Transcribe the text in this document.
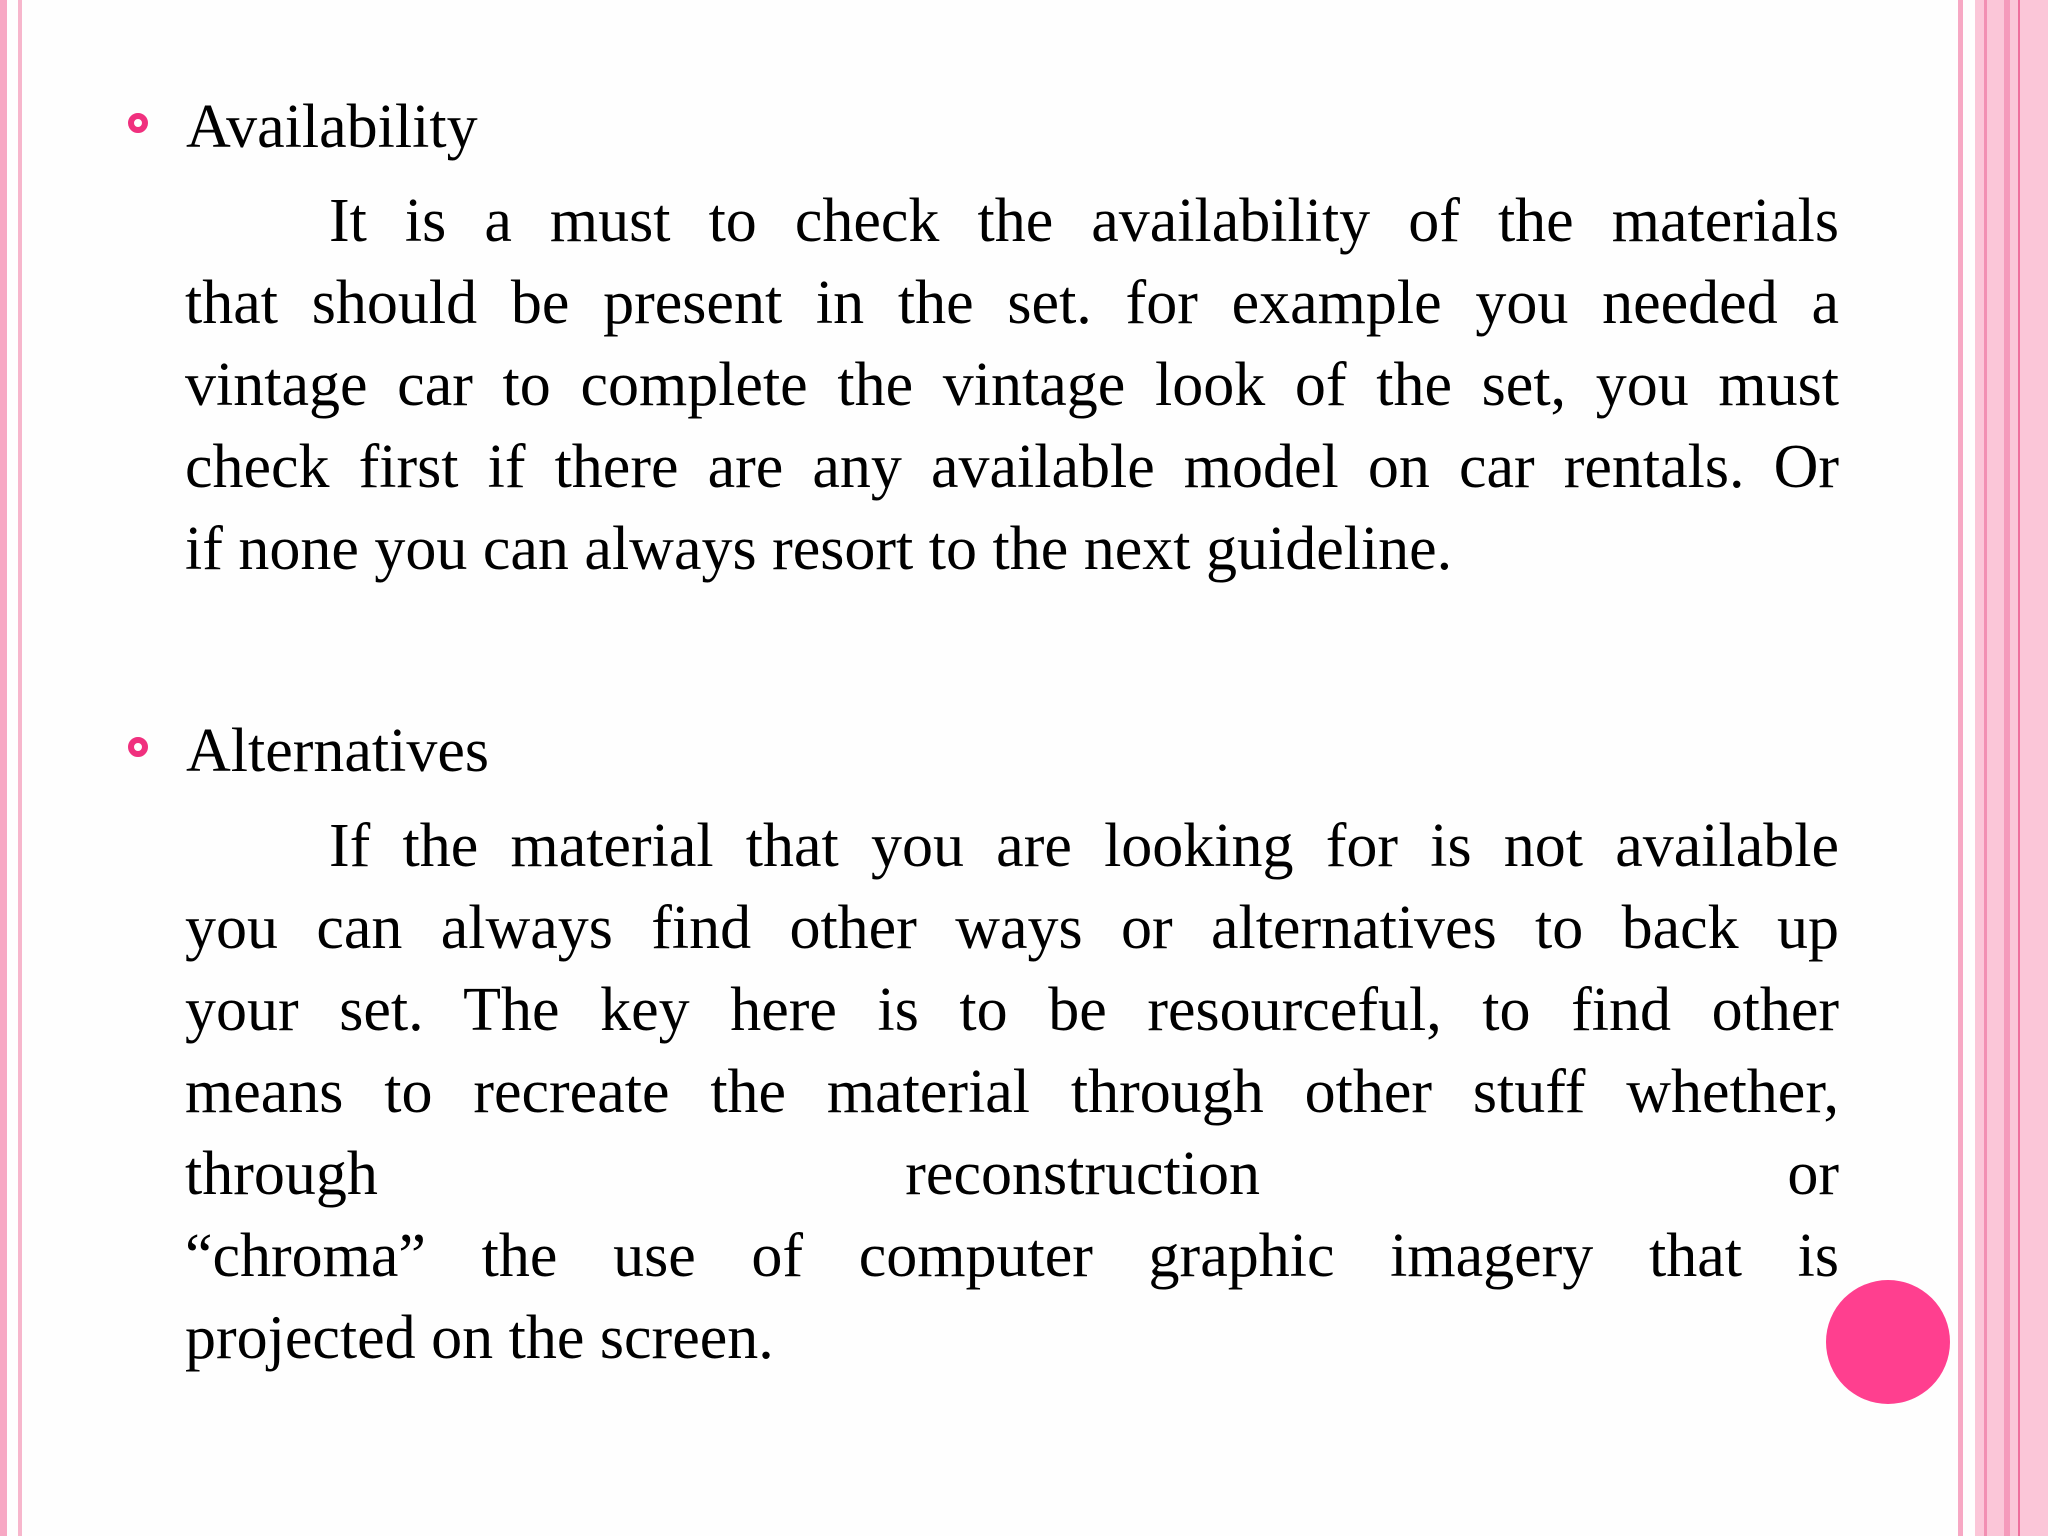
Availability
It is a must to check the availability of the materials
that should be present in the set. for example you needed a
vintage car to complete the vintage look of the set, you must
check first if there are any available model on car rentals. Or
if none you can always resort to the next guideline.
Alternatives
If the material that you are looking for is not available
you can always find other ways or alternatives to back up
your set. The key here is to be resourceful, to find other
means to recreate the material through other stuff whether,
through reconstruction or
“chroma” the use of computer graphic imagery that is
projected on the screen.
